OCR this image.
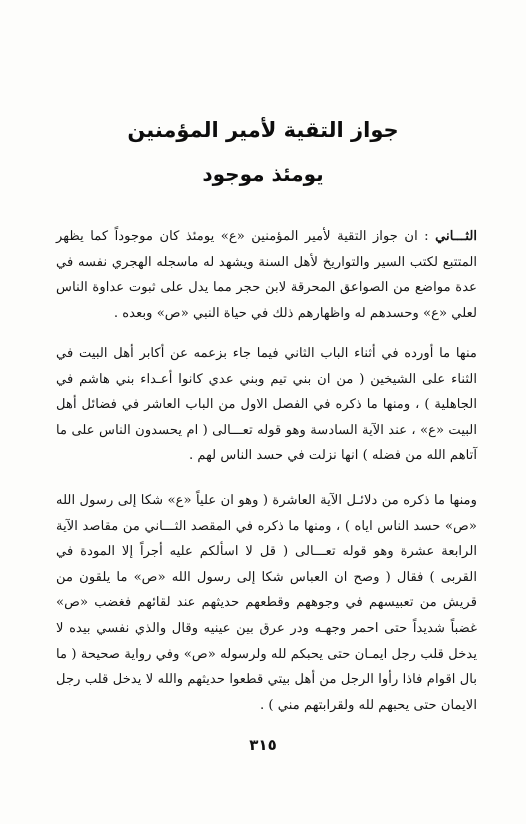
جواز التقية لأمير المؤمنين
يومئذ موجود
الثـــاني : ان جواز التقية لأمير المؤمنين «ع» يومئذ كان موجوداً كما يظهر المتتبع لكتب السير والتواريخ لأهل السنة ويشهد له ماسجله الهجري نفسه في عدة مواضع من الصواعق المحرقة لابن حجر مما يدل على ثبوت عداوة الناس لعلي «ع» وحسدهم له واظهارهم ذلك في حياة النبي «ص» وبعده .
منها ما أورده في أثناء الباب الثاني فيما جاء بزعمه عن أكابر أهل البيت في الثناء على الشيخين ( من ان بني تيم وبني عدي كانوا أعـداء بني هاشم في الجاهلية ) ، ومنها ما ذكره في الفصل الاول من الباب العاشر في فضائل أهل البيت «ع» ، عند الآية السادسة وهو قوله تعـــالى ( ام يحسدون الناس على ما آتاهم الله من فضله ) انها نزلت في حسد الناس لهم .
ومنها ما ذكره من دلائـل الآية العاشرة ( وهو ان علياً «ع» شكا إلى رسول الله «ص» حسد الناس اياه ) ، ومنها ما ذكره في المقصد الثـــاني من مقاصد الآية الرابعة عشرة وهو قوله تعـــالى ( قل لا اسألكم عليه أجراً إلا المودة في القربى ) فقال ( وصح ان العباس شكا إلى رسول الله «ص» ما يلقون من قريش من تعبيسهم في وجوههم وقطعهم حديثهم عند لقائهم فغضب «ص» غضباً شديداً حتى احمر وجهـه ودر عرق بين عينيه وقال والذي نفسي بيده لا يدخل قلب رجل ايمـان حتى يحبكم لله ولرسوله «ص» وفي رواية صحيحة ( ما بال اقوام فاذا رأوا الرجل من أهل بيتي قطعوا حديثهم والله لا يدخل قلب رجل الايمان حتى يحبهم لله ولقرابتهم مني ) .
٣١٥
